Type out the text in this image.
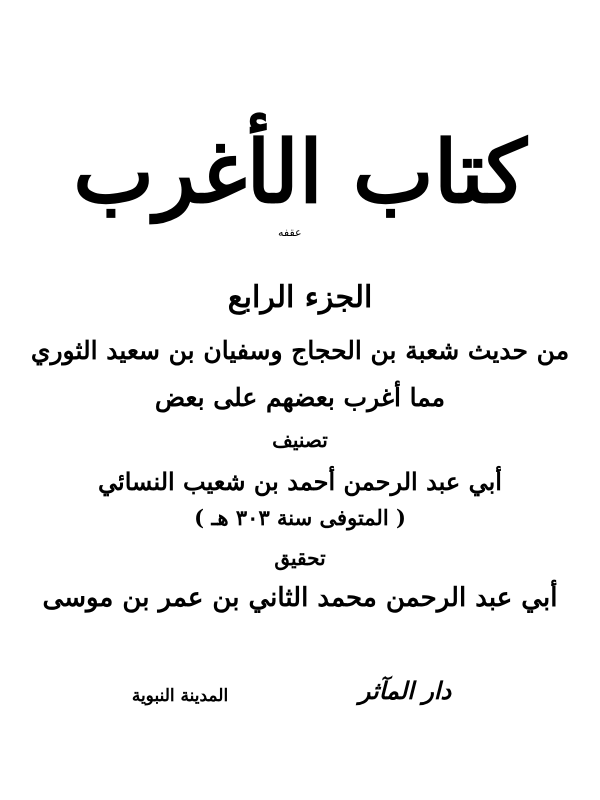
كتاب الأغرب
عقفه
الجزء الرابع
من حديث شعبة بن الحجاج وسفيان بن سعيد الثوري
مما أغرب بعضهم على بعض
تصنيف
أبي عبد الرحمن أحمد بن شعيب النسائي
( المتوفى سنة ٣٠٣ هـ )
تحقيق
أبي عبد الرحمن محمد الثاني بن عمر بن موسى
دار المآثر
المدينة النبوية
